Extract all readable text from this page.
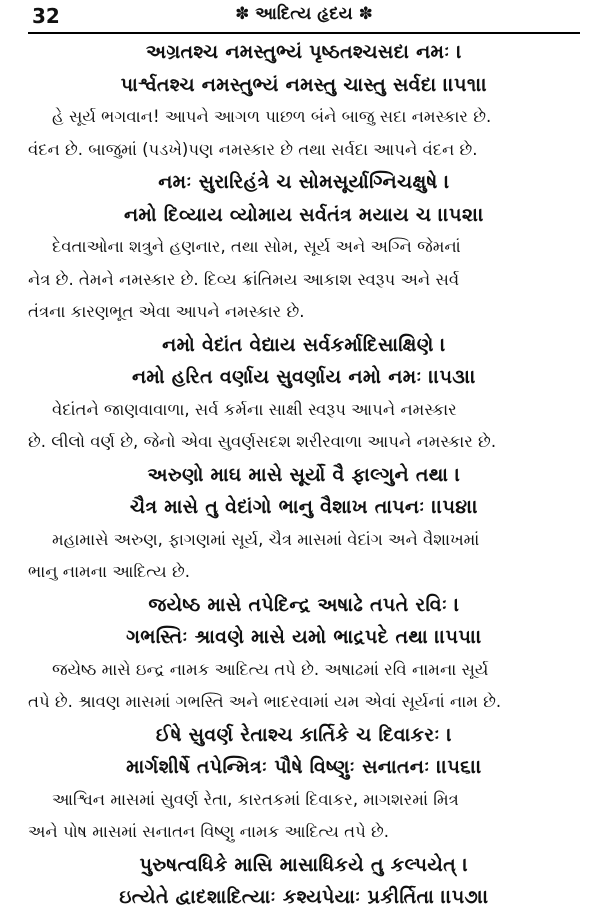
32	✽ આદિત્ય હૃદય ✽
અગ્રતશ્ચ નમસ્તુભ્યં પૃષ્ઠતશ્ચસદા નમઃ ।
પાર્શ્વતશ્ચ નમસ્તુભ્યં નમસ્તુ ચાસ્તુ સર્વદા ।।૫૧।।
હે સૂર્ય ભગવાન! આપને આગળ પાછળ બંને બાજુ સદા નમસ્કાર છે.
વંદન છે. બાજુમાં (પડખે)પણ નમસ્કાર છે તથા સર્વદા આપને વંદન છે.
નમઃ સુરારિહંત્રે ચ સોમસૂર્યાગ્નિચક્ષુષે ।
નમો દિવ્યાય વ્યોમાય સર્વતંત્ર મયાય ચ ।।૫૨।।
દેવતાઓના શત્રુને હણનાર, તથા સોમ, સૂર્ય અને અગ્નિ જેમનાં
નેત્ર છે. તેમને નમસ્કાર છે. દિવ્ય ક્રાંતિમય આકાશ સ્વરૂપ અને સર્વ
તંત્રના કારણભૂત એવા આપને નમસ્કાર છે.
નમો વેદાંત વેદ્યાય સર્વકર્માદિસાક્ષિણે ।
નમો હરિત વર્ણાય સુવર્ણાય નમો નમઃ ।।૫૩।।
વેદાંતને જાણવાવાળા, સર્વ કર્મના સાક્ષી સ્વરૂપ આપને નમસ્કાર
છે. લીલો વર્ણ છે, જેનો એવા સુવર્ણસદશ શરીરવાળા આપને નમસ્કાર છે.
અરુણો માઘ માસે સૂર્યો વૈ ફાલ્ગુને તથા ।
ચૈત્ર માસે તુ વેદાંગો ભાનુ વૈશાખ તાપનઃ ।।૫૪।।
મહામાસે અરુણ, ફાગણમાં સૂર્ય, ચૈત્ર માસમાં વેદાંગ અને વૈશાખમાં
ભાનુ નામના આદિત્ય છે.
જયેષ્ઠ માસે તપેદિન્દ્ર અષાઢે તપતે રવિઃ ।
ગભસ્તિઃ શ્રાવણે માસે યમો ભાદ્રપદે તથા ।।૫૫।।
જયેષ્ઠ માસે ઇન્દ્ર નામક આદિત્ય તપે છે. અષાઢમાં રવિ નામના સૂર્ય
તપે છે. શ્રાવણ માસમાં ગભસ્તિ અને ભાદરવામાં યમ એવાં સૂર્યનાં નામ છે.
ઈષે સુવર્ણ રેતાશ્ચ કાર્તિકે ચ દિવાકરઃ ।
માર્ગશીર્ષે તપેન્મિત્રઃ પૌષે વિષ્ણુઃ સનાતનઃ ।।૫૬।।
આશ્વિન માસમાં સુવર્ણ રેતા, કારતકમાં દિવાકર, માગશરમાં મિત્ર
અને પોષ માસમાં સનાતન વિષ્ણુ નામક આદિત્ય તપે છે.
પુરુષત્વધિકે માસિ માસાધિકયે તુ કલ્પયેત્ ।
ઇત્યેતે દ્વાદશાદિત્યાઃ કશ્યપેયાઃ પ્રકીર્તિતા ।।૫૭।।
